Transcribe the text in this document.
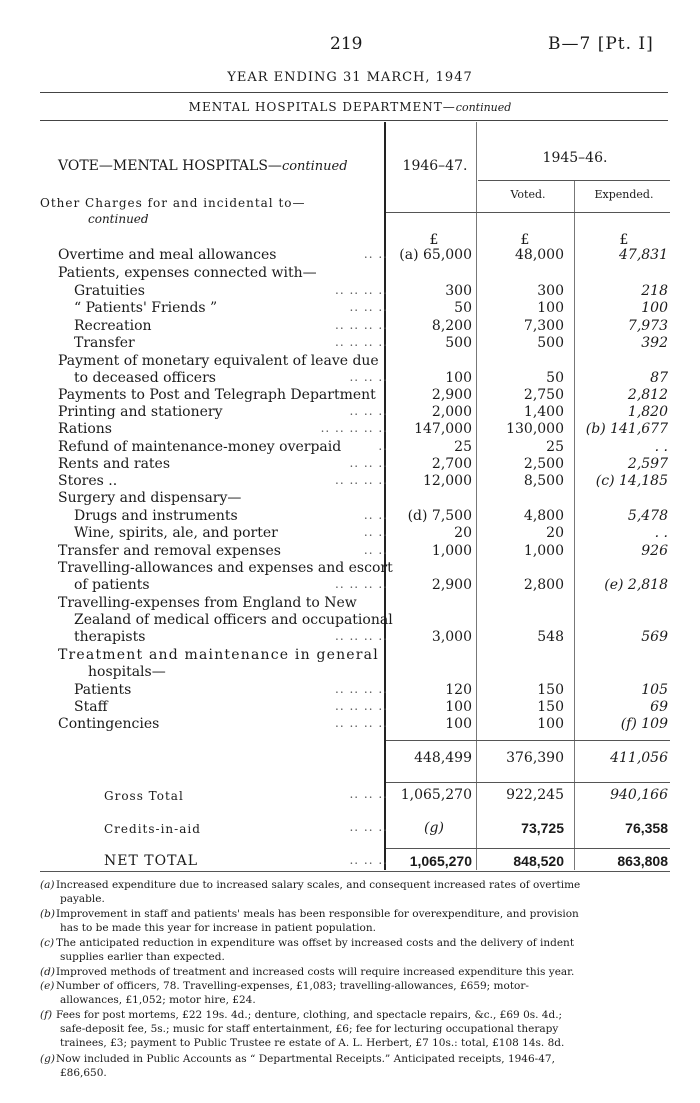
219	B—7 [Pt. I]
YEAR ENDING 31 MARCH, 1947
MENTAL HOSPITALS DEPARTMENT—continued
VOTE—MENTAL HOSPITALS—continued	1946–47.	1945–46.
Voted.	Expended.
Other Charges for and incidental to—
continued
£	£	£
Overtime and meal allowances	.. .. (a) 65,000	48,000	47,831
Patients, expenses connected with—
Gratuities	.. .. .. ..	300	300	218
“ Patients' Friends ”	.. .. ..	50	100	100
Recreation	.. .. .. ..	8,200	7,300	7,973
Transfer	.. .. .. ..	500	500	392
Payment of monetary equivalent of leave due
to deceased officers	.. .. ..	100	50	87
Payments to Post and Telegraph Department	2,900	2,750	2,812
Printing and stationery	.. .. ..	2,000	1,400	1,820
Rations	.. .. .. .. ..	147,000	130,000	(b) 141,677
Refund of maintenance-money overpaid	..	25	25	. .
Rents and rates	.. .. ..	2,700	2,500	2,597
Stores ..	.. .. .. ..	12,000	8,500	(c) 14,185
Surgery and dispensary—
Drugs and instruments	.. ..	(d) 7,500	4,800	5,478
Wine, spirits, ale, and porter	.. ..	20	20	. .
Transfer and removal expenses	.. ..	1,000	1,000	926
Travelling-allowances and expenses and escort
of patients	.. .. .. ..	2,900	2,800	(e) 2,818
Travelling-expenses from England to New
Zealand of medical officers and occupational
therapists	.. .. .. ..	3,000	548	569
Treatment and maintenance in general
hospitals—
Patients	.. .. .. ..	120	150	105
Staff	.. .. .. ..	100	150	69
Contingencies	.. .. .. ..	100	100	(f) 109
448,499	376,390	411,056
Gross Total	.. .. .. 1,065,270	922,245	940,166
Credits-in-aid	.. .. ..	(g)	73,725	76,358
NET TOTAL	.. .. ..	1,065,270	848,520	863,808
(a) Increased expenditure due to increased salary scales, and consequent increased rates of overtime
payable.
(b)Improvement in staff and patients' meals has been responsible for overexpenditure, and provision
has to be made this year for increase in patient population.
(c) The anticipated reduction in expenditure was offset by increased costs and the delivery of indent
supplies earlier than expected.
(d)Improved methods of treatment and increased costs will require increased expenditure this year.
(e) Number of officers, 78. Travelling-expenses, £1,083; travelling-allowances, £659; motor-
allowances, £1,052; motor hire, £24.
(f) Fees for post mortems, £22 19s. 4d.; denture, clothing, and spectacle repairs, &c., £69 0s. 4d.;
safe-deposit fee, 5s.; music for staff entertainment, £6; fee for lecturing occupational therapy
trainees, £3; payment to Public Trustee re estate of A. L. Herbert, £7 10s.: total, £108 14s. 8d.
(g)Now included in Public Accounts as “ Departmental Receipts.” Anticipated receipts, 1946-47,
£86,650.
